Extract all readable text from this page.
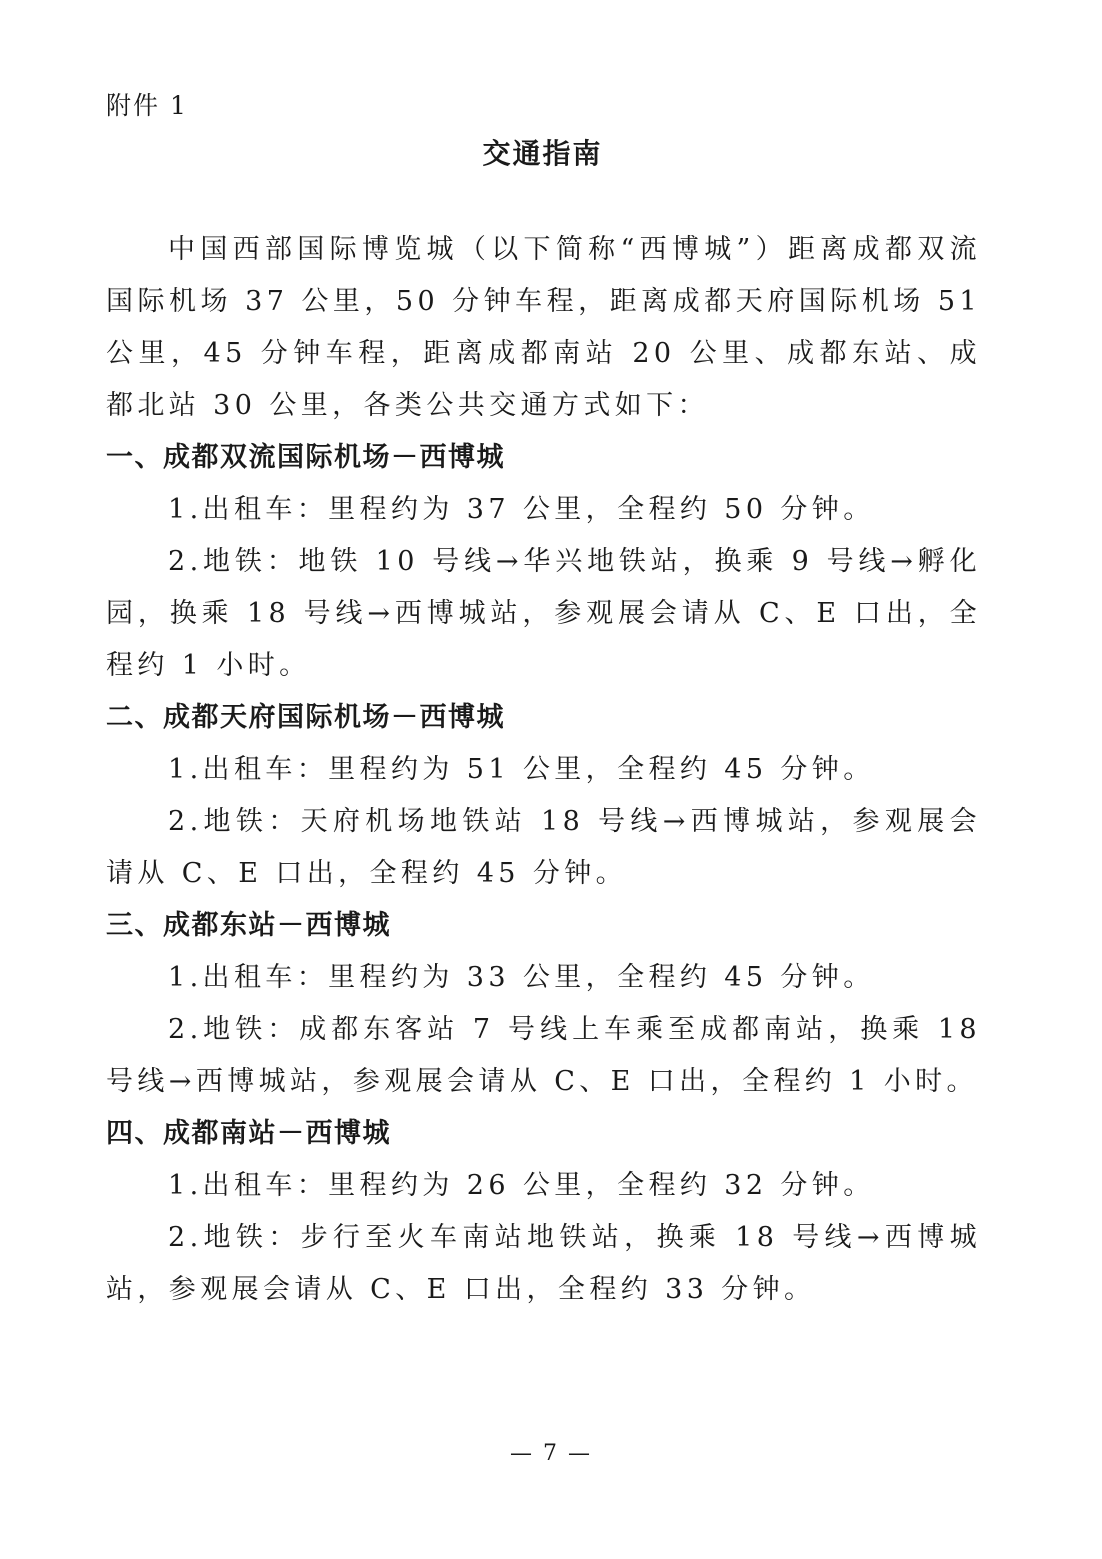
附件 1
交通指南

中国西部国际博览城（以下简称“西博城”）距离成都双流国际机场 37 公里，50 分钟车程，距离成都天府国际机场 51 公里，45 分钟车程，距离成都南站 20 公里、成都东站、成都北站 30 公里，各类公共交通方式如下：

一、成都双流国际机场－西博城

1.出租车：里程约为 37 公里，全程约 50 分钟。

2.地铁：地铁 10 号线→华兴地铁站，换乘 9 号线→孵化园，换乘 18 号线→西博城站，参观展会请从 C、E 口出，全程约 1 小时。

二、成都天府国际机场－西博城

1.出租车：里程约为 51 公里，全程约 45 分钟。

2.地铁：天府机场地铁站 18 号线→西博城站，参观展会请从 C、E 口出，全程约 45 分钟。

三、成都东站－西博城

1.出租车：里程约为 33 公里，全程约 45 分钟。

2.地铁：成都东客站 7 号线上车乘至成都南站，换乘 18 号线→西博城站，参观展会请从 C、E 口出，全程约 1 小时。

四、成都南站－西博城

1.出租车：里程约为 26 公里，全程约 32 分钟。

2.地铁：步行至火车南站地铁站，换乘 18 号线→西博城站，参观展会请从 C、E 口出，全程约 33 分钟。

— 7 —
